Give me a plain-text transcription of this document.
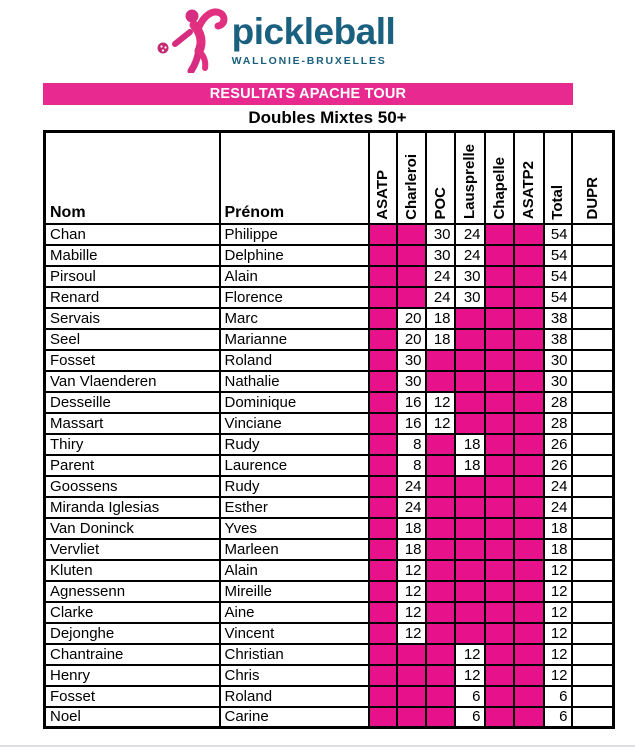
pickleball
WALLONIE-BRUXELLES
RESULTATS APACHE TOUR
Doubles Mixtes 50+
Nom	Prénom	ASATP	Charleroi	POC	Lausprelle	Chapelle	ASATP2	Total	DUPR

Chan	Philippe			30	24			54	
Mabille	Delphine			30	24			54	
Pirsoul	Alain			24	30			54	
Renard	Florence			24	30			54	
Servais	Marc		20	18				38	
Seel	Marianne		20	18				38	
Fosset	Roland		30					30	
Van Vlaenderen	Nathalie		30					30	
Desseille	Dominique		16	12				28	
Massart	Vinciane		16	12				28	
Thiry	Rudy		8		18			26	
Parent	Laurence		8		18			26	
Goossens	Rudy		24					24	
Miranda Iglesias	Esther		24					24	
Van Doninck	Yves		18					18	
Vervliet	Marleen		18					18	
Kluten	Alain		12					12	
Agnessenn	Mireille		12					12	
Clarke	Aine		12					12	
Dejonghe	Vincent		12					12	
Chantraine	Christian				12			12	
Henry	Chris				12			12	
Fosset	Roland				6			6	
Noel	Carine				6			6	
